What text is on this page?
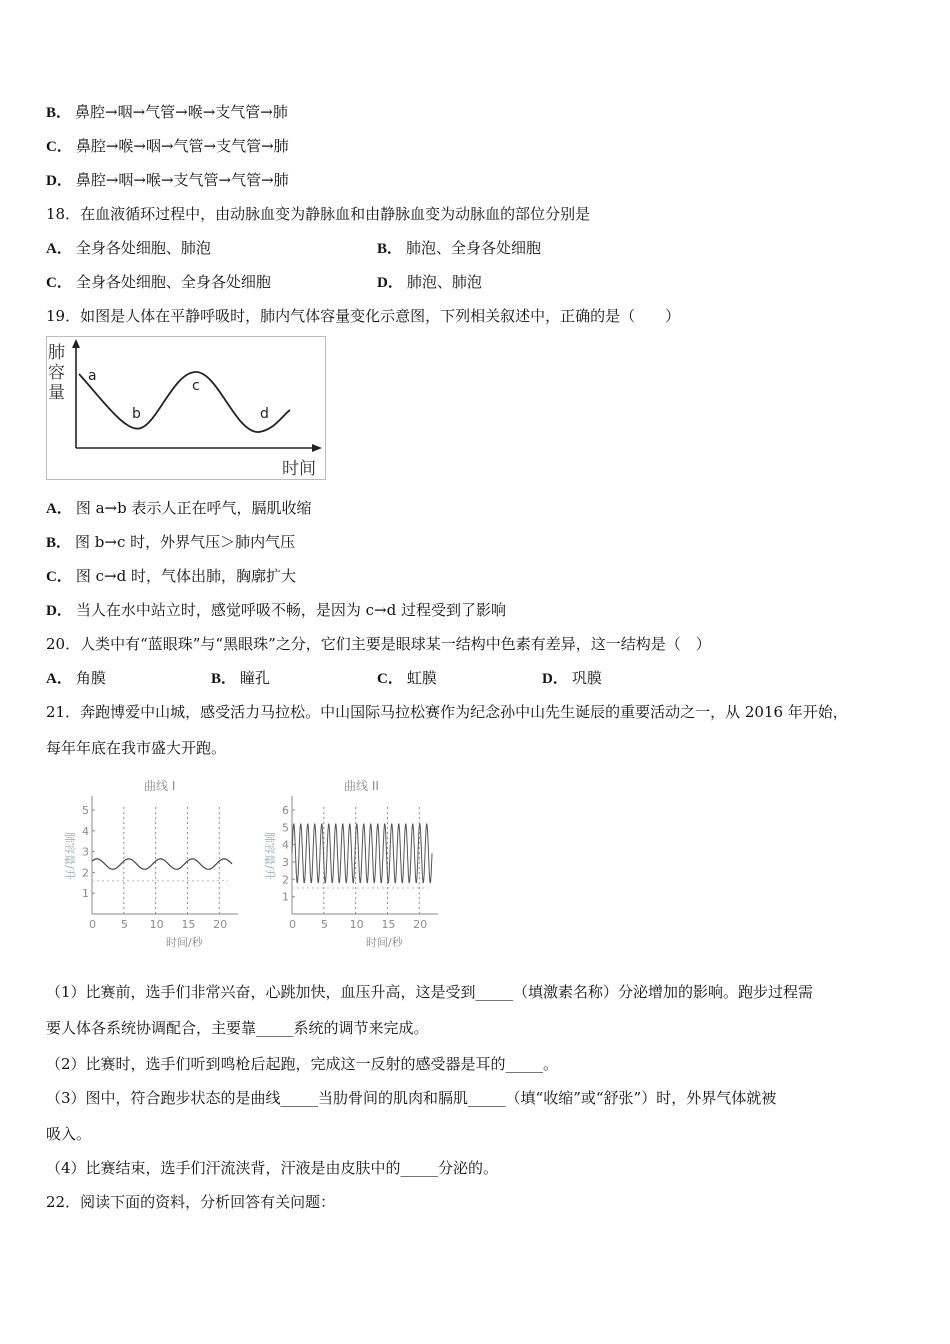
B． 鼻腔→咽→气管→喉→支气管→肺
C． 鼻腔→喉→咽→气管→支气管→肺
D． 鼻腔→咽→喉→支气管→气管→肺
18．在血液循环过程中，由动脉血变为静脉血和由静脉血变为动脉血的部位分别是
A． 全身各处细胞、肺泡	B． 肺泡、全身各处细胞
C． 全身各处细胞、全身各处细胞	D． 肺泡、肺泡
19．如图是人体在平静呼吸时，肺内气体容量变化示意图，下列相关叙述中，正确的是（　　）
肺
容
量
a
b
c
d
时间
A． 图 a→b 表示人正在呼气，膈肌收缩
B． 图 b→c 时，外界气压＞肺内气压
C． 图 c→d 时，气体出肺，胸廓扩大
D． 当人在水中站立时，感觉呼吸不畅，是因为 c→d 过程受到了影响
20．人类中有“蓝眼珠”与“黑眼珠”之分，它们主要是眼球某一结构中色素有差异，这一结构是（　）
A． 角膜	B． 瞳孔	C． 虹膜	D． 巩膜
21．奔跑博爱中山城，感受活力马拉松。中山国际马拉松赛作为纪念孙中山先生诞辰的重要活动之一，从 2016 年开始，
每年年底在我市盛大开跑。
曲线 I
肺容量/升
1
2
3
4
5
0 5 10 15 20
时间/秒
曲线 II
肺容量/升
1
2
3
4
5
6
0 5 10 15 20
时间/秒
（1）比赛前，选手们非常兴奋，心跳加快，血压升高，这是受到_____（填激素名称）分泌增加的影响。跑步过程需
要人体各系统协调配合，主要靠_____系统的调节来完成。
（2）比赛时，选手们听到鸣枪后起跑，完成这一反射的感受器是耳的_____。
（3）图中，符合跑步状态的是曲线_____当肋骨间的肌肉和膈肌_____（填“收缩”或“舒张”）时，外界气体就被
吸入。
（4）比赛结束，选手们汗流浃背，汗液是由皮肤中的_____分泌的。
22．阅读下面的资料，分析回答有关问题：
